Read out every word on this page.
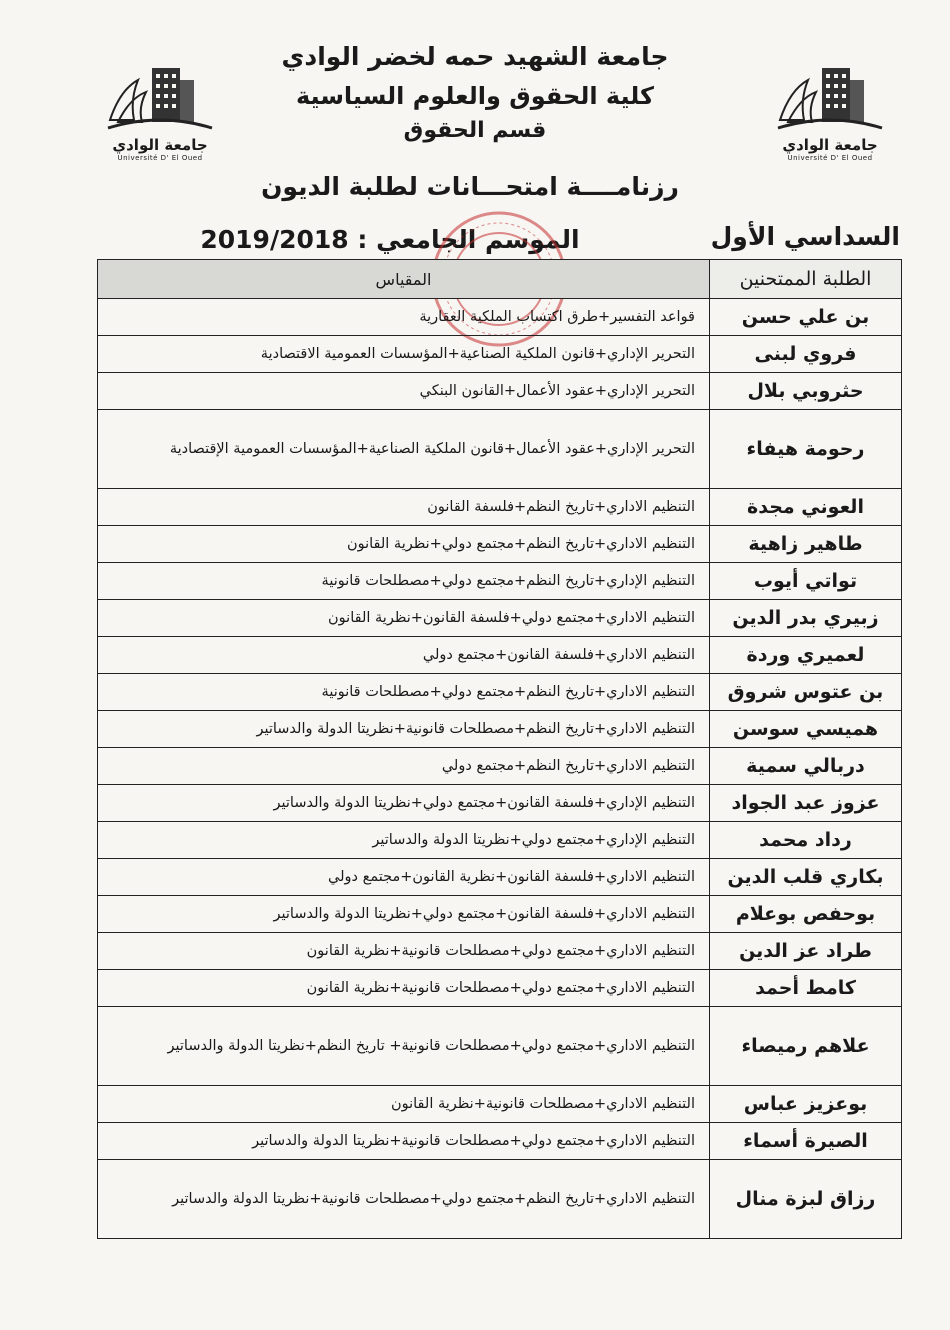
جامعة الوادي
Université D' El Oued
جامعة الوادي
Université D' El Oued
جامعة الشهيد حمه لخضر الوادي
كلية الحقوق والعلوم السياسية
قسم الحقوق
رزنامــــة امتحـــانات لطلبة الديون
السداسي الأول
الموسم الجامعي : 2019/2018
الطلبة الممتحنين	المقياس
بن علي حسن	قواعد التفسير+طرق اكتساب الملكية العقارية
فروي لبنى	التحرير الإداري+قانون الملكية الصناعية+المؤسسات العمومية الاقتصادية
حثروبي بلال	التحرير الإداري+عقود الأعمال+القانون البنكي
رحومة هيفاء	التحرير الإداري+عقود الأعمال+قانون الملكية الصناعية+المؤسسات العمومية الإقتصادية
العوني مجدة	التنظيم الاداري+تاريخ النظم+فلسفة القانون
طاهير زاهية	التنظيم الاداري+تاريخ النظم+مجتمع دولي+نظرية القانون
تواتي أيوب	التنظيم الإداري+تاريخ النظم+مجتمع دولي+مصطلحات قانونية
زبيري بدر الدين	التنظيم الاداري+مجتمع دولي+فلسفة القانون+نظرية القانون
لعميري وردة	التنظيم الاداري+فلسفة القانون+مجتمع دولي
بن عتوس شروق	التنظيم الاداري+تاريخ النظم+مجتمع دولي+مصطلحات قانونية
هميسي سوسن	التنظيم الاداري+تاريخ النظم+مصطلحات قانونية+نظريتا الدولة والدساتير
دربالي سمية	التنظيم الاداري+تاريخ النظم+مجتمع دولي
عزوز عبد الجواد	التنظيم الإداري+فلسفة القانون+مجتمع دولي+نظريتا الدولة والدساتير
رداد محمد	التنظيم الإداري+مجتمع دولي+نظريتا الدولة والدساتير
بكاري قلب الدين	التنظيم الاداري+فلسفة القانون+نظرية القانون+مجتمع دولي
بوحفص بوعلام	التنظيم الاداري+فلسفة القانون+مجتمع دولي+نظريتا الدولة والدساتير
طراد عز الدين	التنظيم الاداري+مجتمع دولي+مصطلحات قانونية+نظرية القانون
كامط أحمد	التنظيم الاداري+مجتمع دولي+مصطلحات قانونية+نظرية القانون
علاهم رميصاء	التنظيم الاداري+مجتمع دولي+مصطلحات قانونية+ تاريخ النظم+نظريتا الدولة والدساتير
بوعزيز عباس	التنظيم الاداري+مصطلحات قانونية+نظرية القانون
الصيرة أسماء	التنظيم الاداري+مجتمع دولي+مصطلحات قانونية+نظريتا الدولة والدساتير
رزاق لبزة منال	التنظيم الاداري+تاريخ النظم+مجتمع دولي+مصطلحات قانونية+نظريتا الدولة والدساتير
